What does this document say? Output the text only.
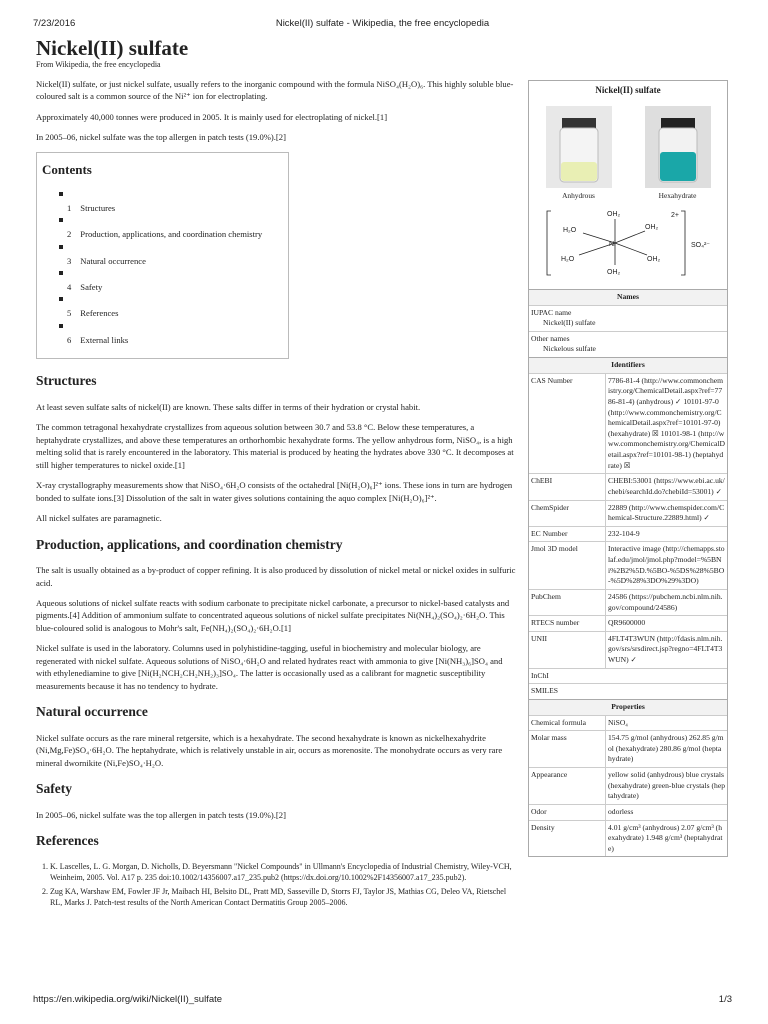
7/23/2016	Nickel(II) sulfate - Wikipedia, the free encyclopedia
Nickel(II) sulfate
From Wikipedia, the free encyclopedia

Nickel(II) sulfate, or just nickel sulfate, usually refers to the inorganic compound with the formula NiSO₄(H₂O)₆. This highly soluble blue-coloured salt is a common source of the Ni²⁺ ion for electroplating.

Approximately 40,000 tonnes were produced in 2005. It is mainly used for electroplating of nickel.[1]

In 2005–06, nickel sulfate was the top allergen in patch tests (19.0%).[2]

Contents
1 Structures
2 Production, applications, and coordination chemistry
3 Natural occurrence
4 Safety
5 References
6 External links
Structures

At least seven sulfate salts of nickel(II) are known. These salts differ in terms of their hydration or crystal habit.

The common tetragonal hexahydrate crystallizes from aqueous solution between 30.7 and 53.8 °C. Below these temperatures, a heptahydrate crystallizes, and above these temperatures an orthorhombic hexahydrate forms. The yellow anhydrous form, NiSO₄, is a high melting solid that is rarely encountered in the laboratory. This material is produced by heating the hydrates above 330 °C. It decomposes at still higher temperatures to nickel oxide.[1]

X-ray crystallography measurements show that NiSO₄·6H₂O consists of the octahedral [Ni(H₂O)₆]²⁺ ions. These ions in turn are hydrogen bonded to sulfate ions.[3] Dissolution of the salt in water gives solutions containing the aquo complex [Ni(H₂O)₆]²⁺.

All nickel sulfates are paramagnetic.

Production, applications, and coordination chemistry

The salt is usually obtained as a by-product of copper refining. It is also produced by dissolution of nickel metal or nickel oxides in sulfuric acid.

Aqueous solutions of nickel sulfate reacts with sodium carbonate to precipitate nickel carbonate, a precursor to nickel-based catalysts and pigments.[4] Addition of ammonium sulfate to concentrated aqueous solutions of nickel sulfate precipitates Ni(NH₄)₂(SO₄)₂·6H₂O. This blue-coloured solid is analogous to Mohr's salt, Fe(NH₄)₂(SO₄)₂·6H₂O.[1]

Nickel sulfate is used in the laboratory. Columns used in polyhistidine-tagging, useful in biochemistry and molecular biology, are regenerated with nickel sulfate. Aqueous solutions of NiSO₄·6H₂O and related hydrates react with ammonia to give [Ni(NH₃)₆]SO₄ and with ethylenediamine to give [Ni(H₂NCH₂CH₂NH₂)₃]SO₄. The latter is occasionally used as a calibrant for magnetic susceptibility measurements because it has no tendency to hydrate.

Natural occurrence

Nickel sulfate occurs as the rare mineral retgersite, which is a hexahydrate. The second hexahydrate is known as nickelhexahydrite (Ni,Mg,Fe)SO₄·6H₂O. The heptahydrate, which is relatively unstable in air, occurs as morenosite. The monohydrate occurs as very rare mineral dwornikite (Ni,Fe)SO₄·H₂O.

Safety

In 2005–06, nickel sulfate was the top allergen in patch tests (19.0%).[2]

References
1. K. Lascelles, L. G. Morgan, D. Nicholls, D. Beyersmann "Nickel Compounds" in Ullmann's Encyclopedia of Industrial Chemistry, Wiley-VCH, Weinheim, 2005. Vol. A17 p. 235 doi:10.1002/14356007.a17_235.pub2 (https://dx.doi.org/10.1002%2F14356007.a17_235.pub2).
2. Zug KA, Warshaw EM, Fowler JF Jr, Maibach HI, Belsito DL, Pratt MD, Sasseville D, Storrs FJ, Taylor JS, Mathias CG, Deleo VA, Rietschel RL, Marks J. Patch-test results of the North American Contact Dermatitis Group 2005–2006.
Nickel(II) sulfate
Anhydrous	Hexahydrate
Ni
OH₂
OH₂
H₂O	OH₂
H₂O	OH₂
2+
SO₄²⁻
Names
IUPAC name
Nickel(II) sulfate
Other names
Nickelous sulfate
Identifiers
CAS Number	7786-81-4 (http://www.commonchemistry.org/ChemicalDetail.aspx?ref=7786-81-4) (anhydrous) ✓ 10101-97-0 (http://www.commonchemistry.org/ChemicalDetail.aspx?ref=10101-97-0) (hexahydrate) ☒ 10101-98-1 (http://www.commonchemistry.org/ChemicalDetail.aspx?ref=10101-98-1) (heptahydrate) ☒
ChEBI	CHEBI:53001 (https://www.ebi.ac.uk/chebi/searchId.do?chebiId=53001) ✓
ChemSpider	22889 (http://www.chemspider.com/Chemical-Structure.22889.html) ✓
EC Number	232-104-9
Jmol 3D model	Interactive image (http://chemapps.stolaf.edu/jmol/jmol.php?model=%5BNi%2B2%5D.%5BO-%5DS%28%5BO-%5D%28%3DO%29%3DO)
PubChem	24586 (https://pubchem.ncbi.nlm.nih.gov/compound/24586)
RTECS number	QR9600000
UNII	4FLT4T3WUN (http://fdasis.nlm.nih.gov/srs/srsdirect.jsp?regno=4FLT4T3WUN) ✓
InChI
SMILES
Properties
Chemical formula	NiSO₄
Molar mass	154.75 g/mol (anhydrous) 262.85 g/mol (hexahydrate) 280.86 g/mol (heptahydrate)
Appearance	yellow solid (anhydrous) blue crystals (hexahydrate) green-blue crystals (heptahydrate)
Odor	odorless
Density	4.01 g/cm³ (anhydrous) 2.07 g/cm³ (hexahydrate) 1.948 g/cm³ (heptahydrate)
https://en.wikipedia.org/wiki/Nickel(II)_sulfate	1/3
